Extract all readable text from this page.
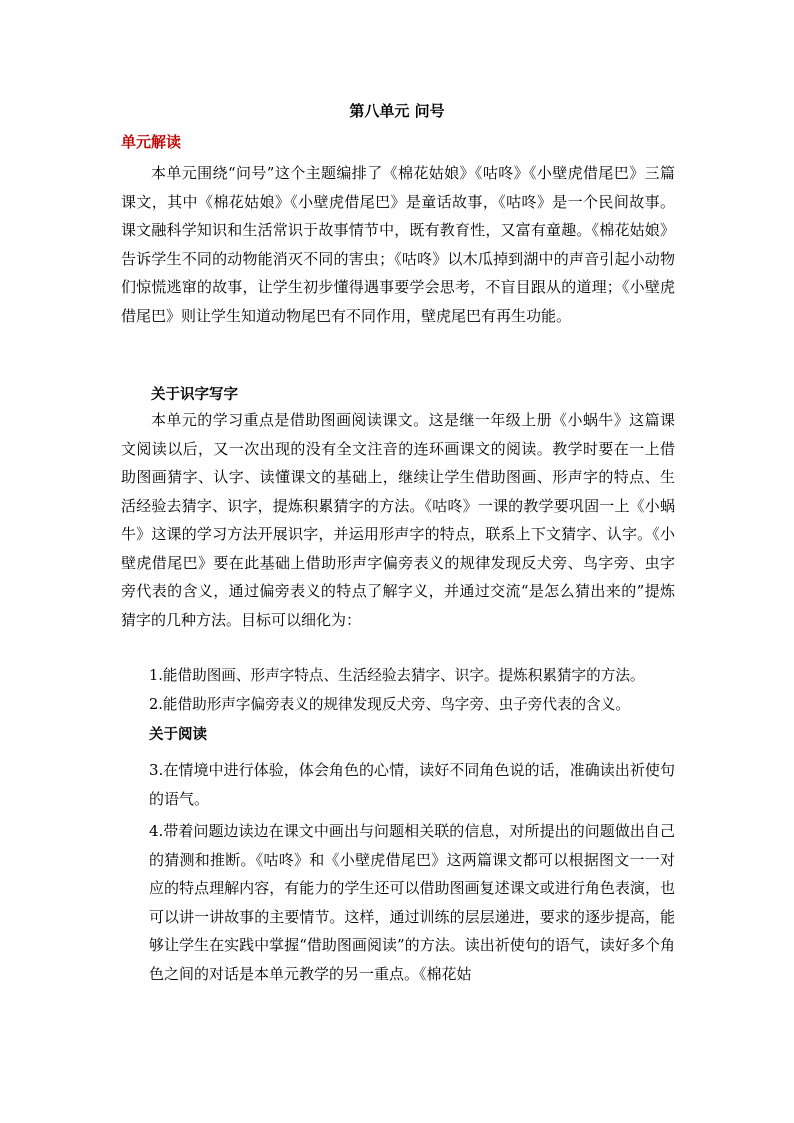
第八单元 问号
单元解读

本单元围绕“问号”这个主题编排了《棉花姑娘》《咕咚》《小壁虎借尾巴》三篇课文，其中《棉花姑娘》《小壁虎借尾巴》是童话故事，《咕咚》是一个民间故事。课文融科学知识和生活常识于故事情节中，既有教育性，又富有童趣。《棉花姑娘》告诉学生不同的动物能消灭不同的害虫；《咕咚》以木瓜掉到湖中的声音引起小动物们惊慌逃窜的故事，让学生初步懂得遇事要学会思考，不盲目跟从的道理；《小壁虎借尾巴》则让学生知道动物尾巴有不同作用，壁虎尾巴有再生功能。

关于识字写字

本单元的学习重点是借助图画阅读课文。这是继一年级上册《小蜗牛》这篇课文阅读以后，又一次出现的没有全文注音的连环画课文的阅读。教学时要在一上借助图画猜字、认字、读懂课文的基础上，继续让学生借助图画、形声字的特点、生活经验去猜字、识字，提炼积累猜字的方法。《咕咚》一课的教学要巩固一上《小蜗牛》这课的学习方法开展识字，并运用形声字的特点，联系上下文猜字、认字。《小壁虎借尾巴》要在此基础上借助形声字偏旁表义的规律发现反犬旁、鸟字旁、虫字旁代表的含义，通过偏旁表义的特点了解字义，并通过交流“是怎么猜出来的”提炼猜字的几种方法。目标可以细化为：

1.能借助图画、形声字特点、生活经验去猜字、识字。提炼积累猜字的方法。

2.能借助形声字偏旁表义的规律发现反犬旁、鸟字旁、虫子旁代表的含义。

关于阅读

3.在情境中进行体验，体会角色的心情，读好不同角色说的话，准确读出祈使句的语气。

4.带着问题边读边在课文中画出与问题相关联的信息，对所提出的问题做出自己的猜测和推断。《咕咚》和《小壁虎借尾巴》这两篇课文都可以根据图文一一对应的特点理解内容，有能力的学生还可以借助图画复述课文或进行角色表演，也可以讲一讲故事的主要情节。这样，通过训练的层层递进，要求的逐步提高，能够让学生在实践中掌握“借助图画阅读”的方法。读出祈使句的语气，读好多个角色之间的对话是本单元教学的另一重点。《棉花姑
